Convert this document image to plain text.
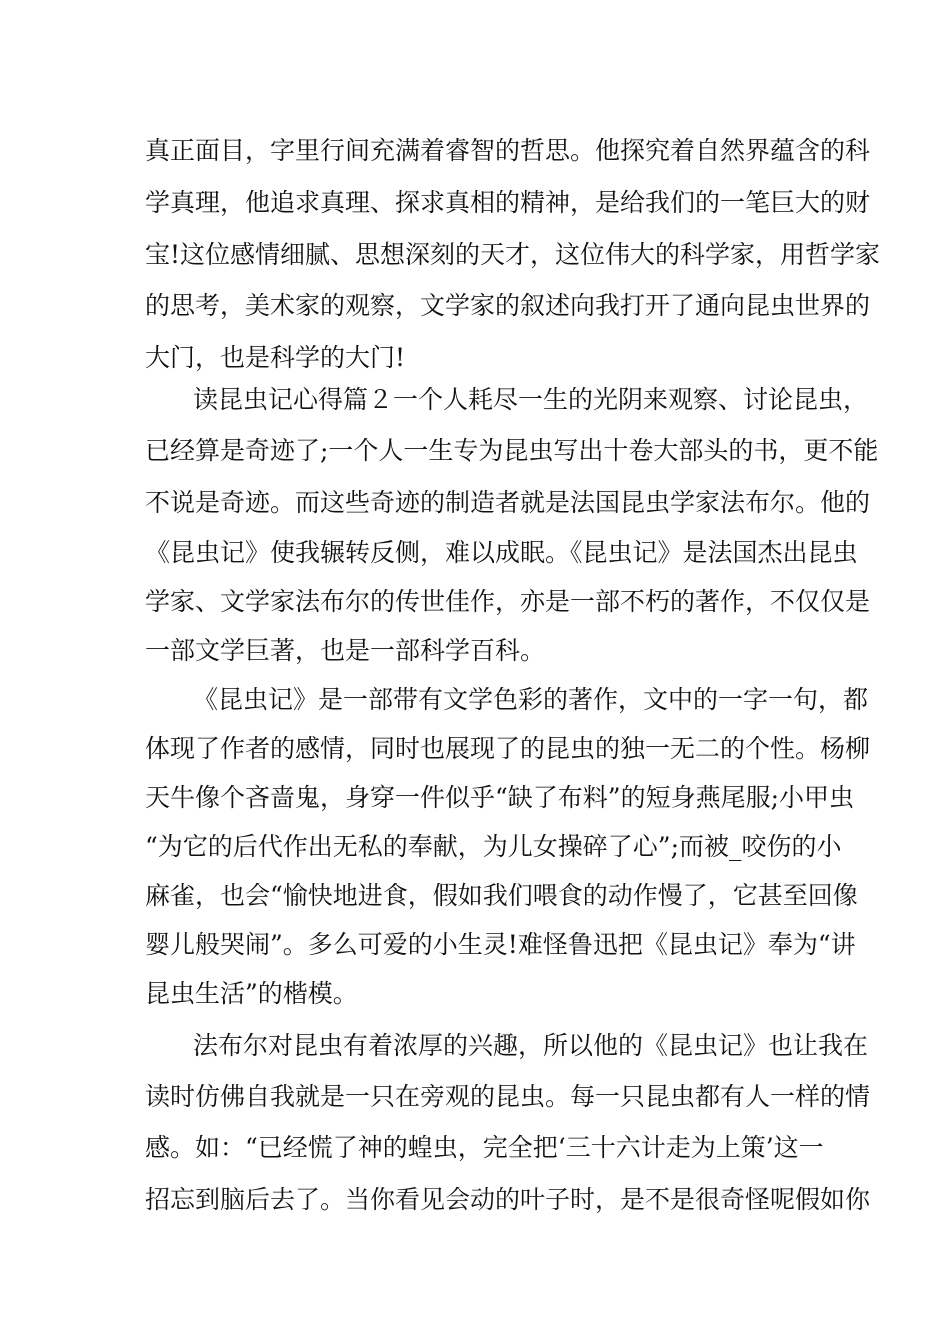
真正面目，字里行间充满着睿智的哲思。他探究着自然界蕴含的科
学真理，他追求真理、探求真相的精神，是给我们的一笔巨大的财
宝!这位感情细腻、思想深刻的天才，这位伟大的科学家，用哲学家
的思考，美术家的观察，文学家的叙述向我打开了通向昆虫世界的
大门，也是科学的大门!
读昆虫记心得篇２一个人耗尽一生的光阴来观察、讨论昆虫，
已经算是奇迹了;一个人一生专为昆虫写出十卷大部头的书，更不能
不说是奇迹。而这些奇迹的制造者就是法国昆虫学家法布尔。他的
《昆虫记》使我辗转反侧，难以成眠。《昆虫记》是法国杰出昆虫
学家、文学家法布尔的传世佳作，亦是一部不朽的著作，不仅仅是
一部文学巨著，也是一部科学百科。
《昆虫记》是一部带有文学色彩的著作，文中的一字一句，都
体现了作者的感情，同时也展现了的昆虫的独一无二的个性。杨柳
天牛像个吝啬鬼，身穿一件似乎“缺了布料”的短身燕尾服;小甲虫
“为它的后代作出无私的奉献，为儿女操碎了心”;而被_咬伤的小
麻雀，也会“愉快地进食，假如我们喂食的动作慢了，它甚至回像
婴儿般哭闹”。多么可爱的小生灵!难怪鲁迅把《昆虫记》奉为“讲
昆虫生活”的楷模。
法布尔对昆虫有着浓厚的兴趣，所以他的《昆虫记》也让我在
读时仿佛自我就是一只在旁观的昆虫。每一只昆虫都有人一样的情
感。如：“已经慌了神的蝗虫，完全把‘三十六计走为上策’这一
招忘到脑后去了。当你看见会动的叶子时，是不是很奇怪呢假如你
